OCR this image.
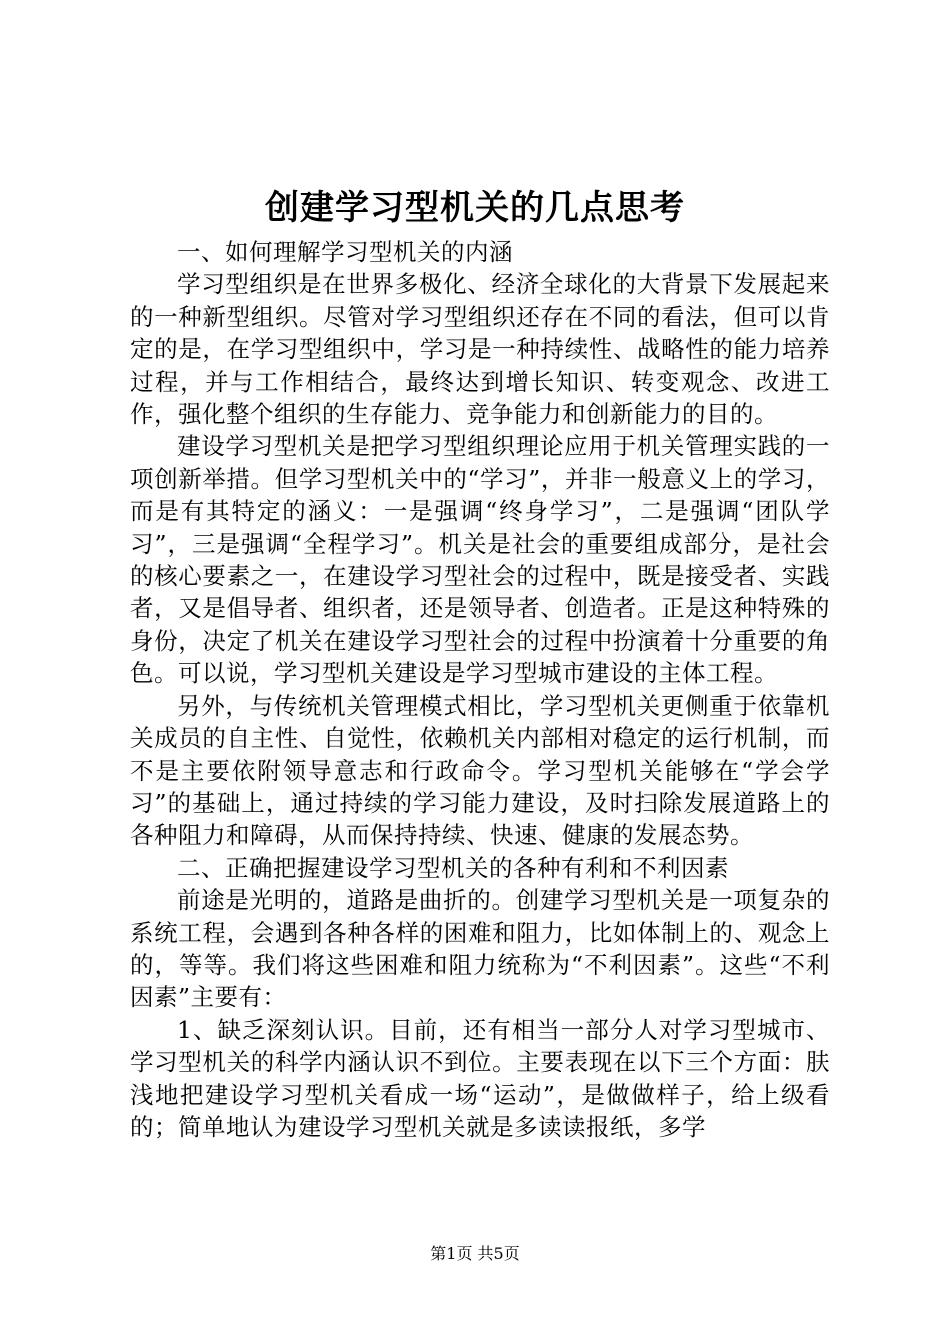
创建学习型机关的几点思考

一、如何理解学习型机关的内涵

学习型组织是在世界多极化、经济全球化的大背景下发展起来的一种新型组织。尽管对学习型组织还存在不同的看法，但可以肯定的是，在学习型组织中，学习是一种持续性、战略性的能力培养过程，并与工作相结合，最终达到增长知识、转变观念、改进工作，强化整个组织的生存能力、竞争能力和创新能力的目的。

建设学习型机关是把学习型组织理论应用于机关管理实践的一项创新举措。但学习型机关中的“学习”，并非一般意义上的学习，而是有其特定的涵义：一是强调“终身学习”，二是强调“团队学习”，三是强调“全程学习”。机关是社会的重要组成部分，是社会的核心要素之一，在建设学习型社会的过程中，既是接受者、实践者，又是倡导者、组织者，还是领导者、创造者。正是这种特殊的身份，决定了机关在建设学习型社会的过程中扮演着十分重要的角色。可以说，学习型机关建设是学习型城市建设的主体工程。

另外，与传统机关管理模式相比，学习型机关更侧重于依靠机关成员的自主性、自觉性，依赖机关内部相对稳定的运行机制，而不是主要依附领导意志和行政命令。学习型机关能够在“学会学习”的基础上，通过持续的学习能力建设，及时扫除发展道路上的各种阻力和障碍，从而保持持续、快速、健康的发展态势。

二、正确把握建设学习型机关的各种有利和不利因素

前途是光明的，道路是曲折的。创建学习型机关是一项复杂的系统工程，会遇到各种各样的困难和阻力，比如体制上的、观念上的，等等。我们将这些困难和阻力统称为“不利因素”。这些“不利因素”主要有：

1、缺乏深刻认识。目前，还有相当一部分人对学习型城市、学习型机关的科学内涵认识不到位。主要表现在以下三个方面：肤浅地把建设学习型机关看成一场“运动”，是做做样子，给上级看的；简单地认为建设学习型机关就是多读读报纸，多学

第1页 共5页
